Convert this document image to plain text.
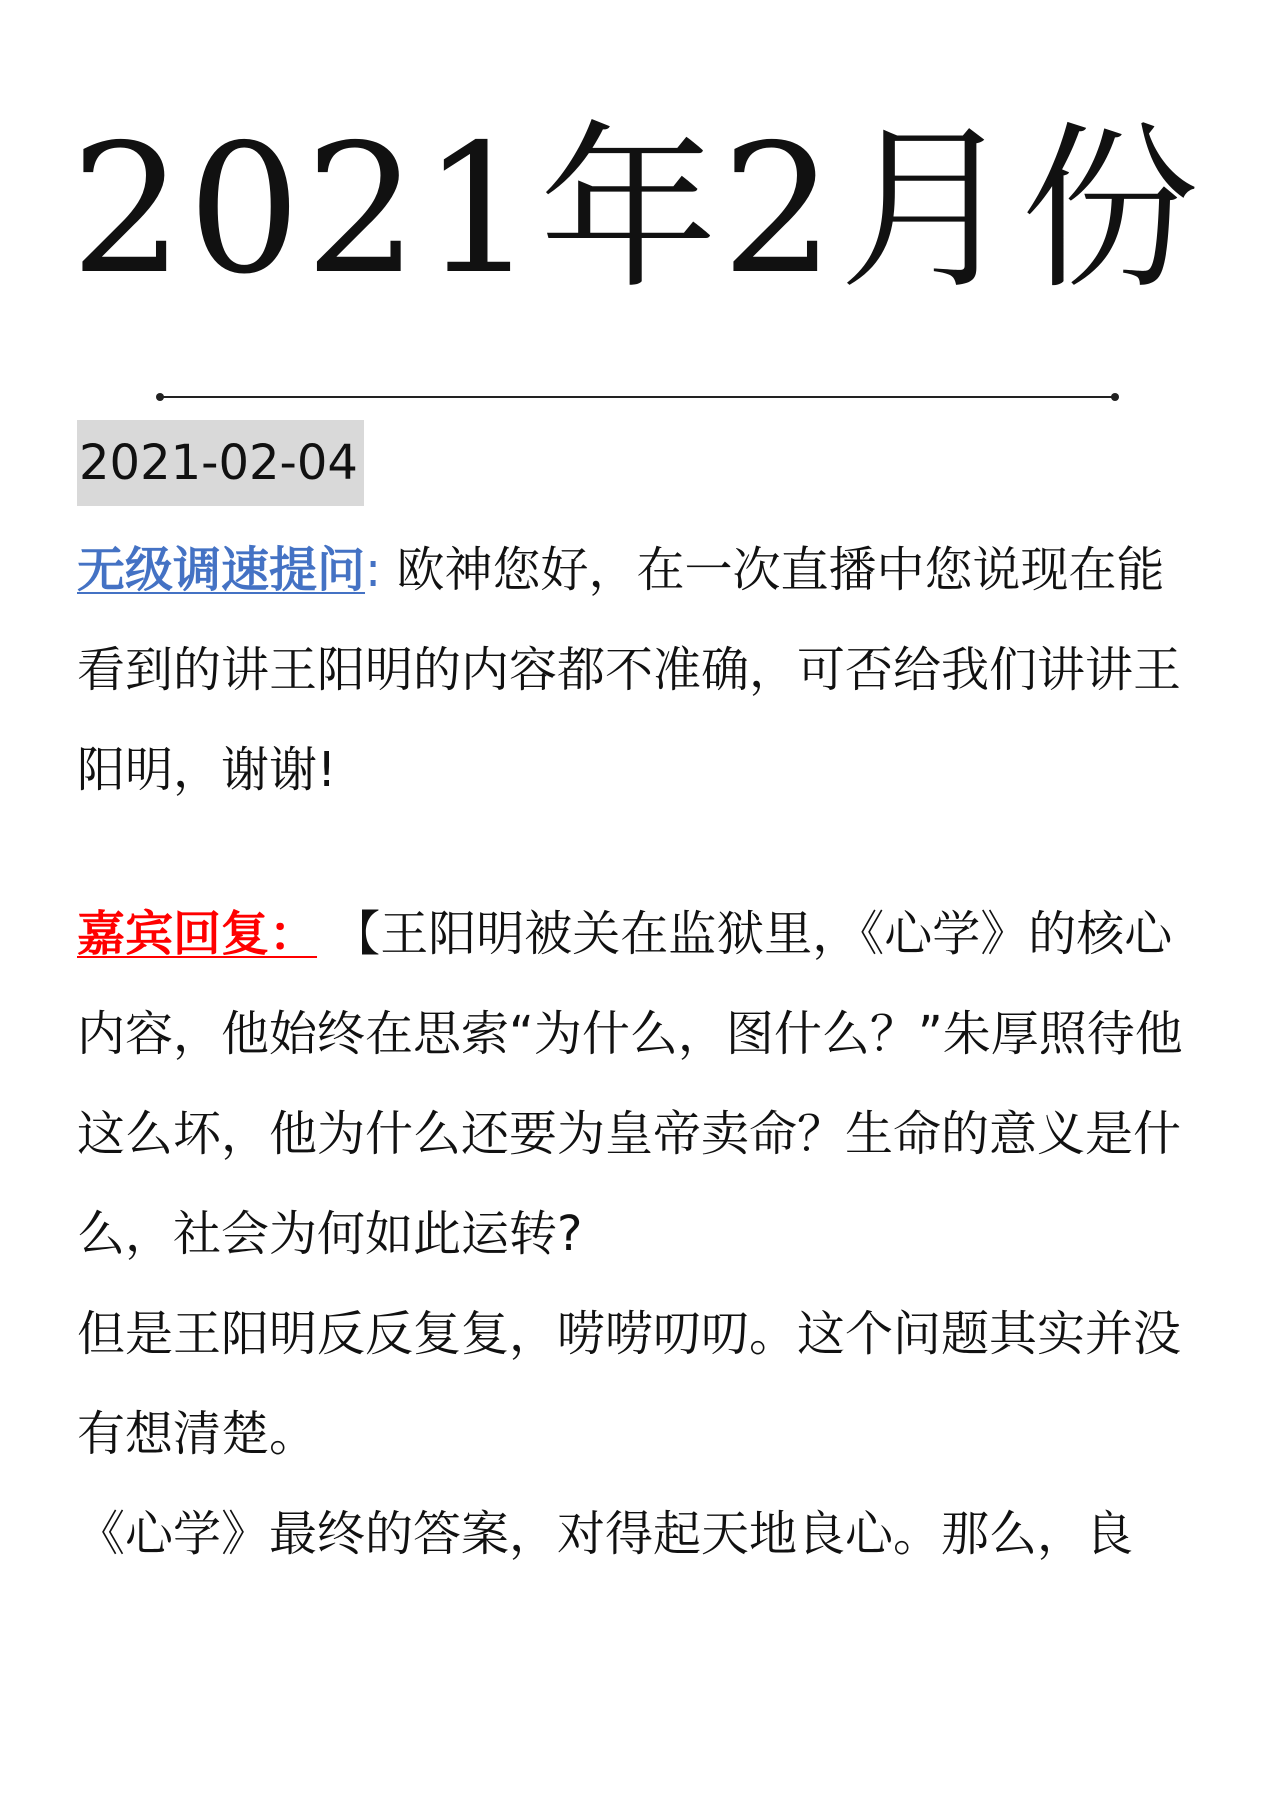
2021年2月份
2021-02-04
无级调速提问: 欧神您好，在一次直播中您说现在能看到的讲王阳明的内容都不准确，可否给我们讲讲王阳明，谢谢!
嘉宾回复： 【王阳明被关在监狱里，《心学》的核心内容，他始终在思索“为什么，图什么？”朱厚照待他这么坏，他为什么还要为皇帝卖命？生命的意义是什么，社会为何如此运转?
但是王阳明反反复复，唠唠叨叨。这个问题其实并没有想清楚。
《心学》最终的答案，对得起天地良心。那么，良
